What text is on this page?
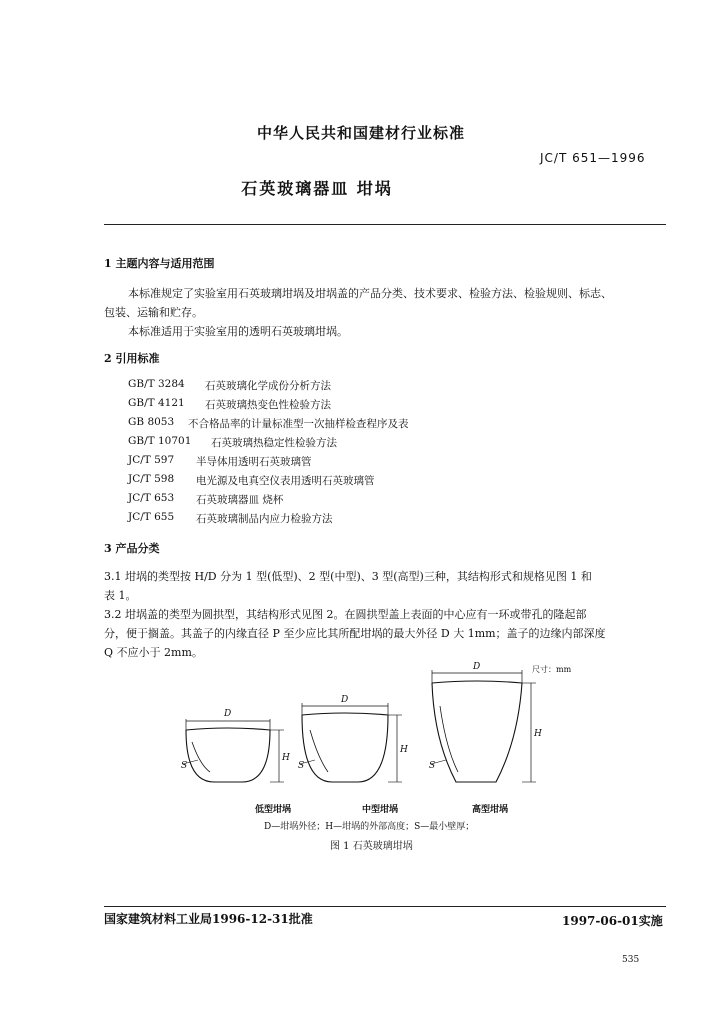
中华人民共和国建材行业标准
JC/T 651—1996
石英玻璃器皿 坩埚
1 主题内容与适用范围
本标准规定了实验室用石英玻璃坩埚及坩埚盖的产品分类、技术要求、检验方法、检验规则、标志、
包装、运输和贮存。
本标准适用于实验室用的透明石英玻璃坩埚。
2 引用标准
GB/T 3284 石英玻璃化学成份分析方法
GB/T 4121 石英玻璃热变色性检验方法
GB 8053 不合格品率的计量标准型一次抽样检查程序及表
GB/T 10701 石英玻璃热稳定性检验方法
JC/T 597 半导体用透明石英玻璃管
JC/T 598 电光源及电真空仪表用透明石英玻璃管
JC/T 653 石英玻璃器皿 烧杯
JC/T 655 石英玻璃制品内应力检验方法
3 产品分类
3.1 坩埚的类型按 H/D 分为 1 型(低型)、2 型(中型)、3 型(高型)三种，其结构形式和规格见图 1 和
表 1。
3.2 坩埚盖的类型为圆拱型，其结构形式见图 2。在圆拱型盖上表面的中心应有一环或带孔的隆起部
分，便于搁盖。其盖子的内缘直径 P 至少应比其所配坩埚的最大外径 D 大 1mm；盖子的边缘内部深度
Q 不应小于 2mm。
D
H
S
D
H
S
D
H
S
尺寸：mm
低型坩埚	中型坩埚	高型坩埚
D—坩埚外径；H—坩埚的外部高度；S—最小壁厚；
图 1 石英玻璃坩埚
国家建筑材料工业局1996-12-31批准	1997-06-01实施
535
